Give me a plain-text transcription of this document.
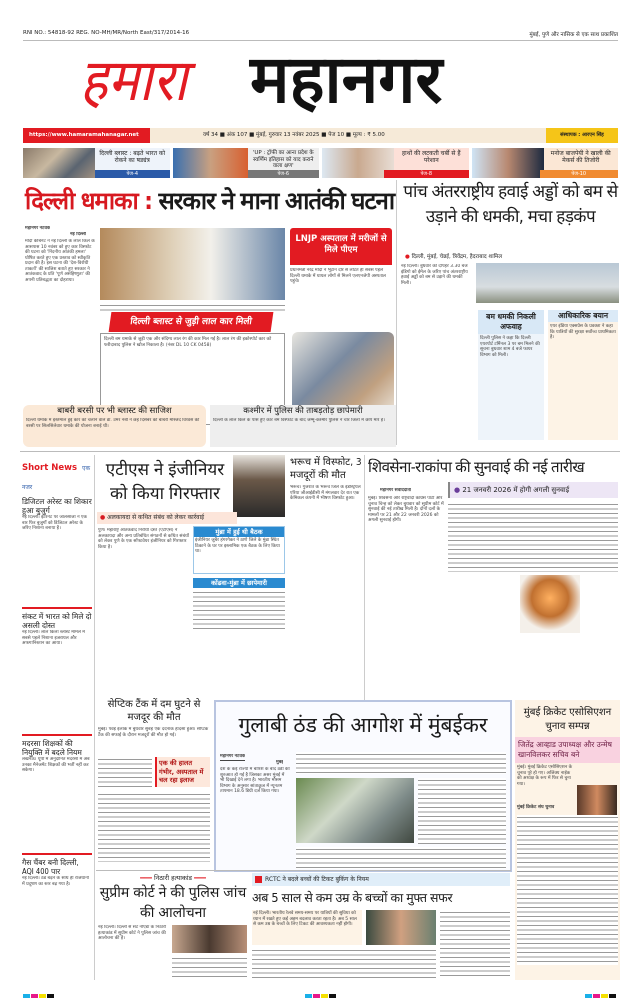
RNI NO.: 54818-92 REG. NO-MH/MR/North East/317/2014-16	मुंबई, पुणे और नासिक से एक साथ प्रकाशित
हमारा महानगर
https://www.hamaramahanagar.net	वर्ष 34 ■ अंक 107 ■ मुंबई, गुरुवार 13 नवंबर 2025 ■ पेज 10 ■ मूल्य : ₹ 5.00	संस्थापक : आरएन सिंह
दिल्ली ब्लास्ट : बढ़ते भारत को रोकने का षड्यंत्र
पेज-4
'UP : ट्रॉफी का आना प्रदेश के स्वर्णिम इतिहास को याद कराने वाला क्षण'
पेज-6
हाथों की लटकती चर्बी से हैं परेशान
पेज-8
मनोज बाजपेयी ने खाली की मेकर्स की तिजोरी
पेज-10
दिल्ली धमाका : सरकार ने माना आतंकी घटना
महानगर नेटवर्क
नई दिल्ली
मोदी कैबिनेट ने नई दिल्ली के लाल किले के आसपास 10 नवंबर को हुए कार विस्फोट की घटना को 'निंदनीय आतंकी हमला' घोषित करते हुए एक प्रस्ताव को स्वीकृति प्रदान की है। इस घटना की 'देश-विरोधी ताकतों' की साजिश बताते हुए सरकार ने आतंकवाद के प्रति 'पूर्ण असहिष्णुता' की अपनी प्रतिबद्धता का दोहराया।
LNJP अस्पताल में मरीजों से मिले पीएम
प्रधानमंत्री नरेंद्र मोदी ने भूटान दौरे से लौटते ही सबसे पहले दिल्ली धमाके में घायल लोगों से मिलने एलएनजेपी अस्पताल पहुंचे।
दिल्ली ब्लास्ट से जुड़ी लाल कार मिली
दिल्ली बम धमाके से जुड़ी एक और संदिग्ध लाल रंग की कार मिल गई है। लाल रंग की इकोस्पोर्ट कार को फरीदाबाद पुलिस ने खोज निकाला है। (नंबर DL 10 CK 0458)
पांच अंतरराष्ट्रीय हवाई अड्डों को बम से उड़ाने की धमकी, मचा हड़कंप
● दिल्ली, मुंबई, चेन्नई, त्रिवेंद्रम, हैदराबाद शामिल
नई दिल्ली। बुधवार को दोपहर 3.30 बजे इंडिगो को ईमेल के जरिए पांच अंतरराष्ट्रीय हवाई अड्डों को बम से उड़ाने की धमकी मिली।
बम धमकी निकली अफवाह
दिल्ली पुलिस ने कहा कि दिल्ली एयरपोर्ट टर्मिनल 3 पर बम मिलने की सूचना बुधवार शाम 4 बजे फायर विभाग को मिली।
आधिकारिक बयान
एयर इंडिया एक्सप्रेस के प्रवक्ता ने कहा कि यात्रियों की सुरक्षा सर्वोच्च प्राथमिकता है।
बाबरी बरसी पर भी ब्लास्ट की साजिश
दिल्ली धमाके में इस्तेमाल हुई कार को चलाने वाले डॉ. उमर नबी ने छह दिसंबर को बाबरी मस्जिद विध्वंस की बरसी पर सिलसिलेवार धमाके की योजना बनाई थी।
कश्मीर में पुलिस की ताबड़तोड़ छापेमारी
दिल्ली के लाल किले के पास हुए कार बम विस्फोट के बाद जम्मू-कश्मीर पुलिस ने चार जिलों में छापे मारे हैं।
Short News एक नजर
डिजिटल अरेस्ट का शिकार हुआ बुजुर्ग
नई दिल्ली। इंटरनेट पर जालसाजों ने एक बार फिर बुजुर्गों को डिजिटल अरेस्ट के जरिए निशाना बनाया है।
संकट में भारत को मिले दो असली दोस्त
नई दिल्ली। लाल किला ब्लास्ट मामले में सबसे पहले निशाना इजरायल और अफगानिस्तान का आया।
मदरसा शिक्षकों की नियुक्ति में बदले नियम
लखनऊ। यूपी में अनुदानित मदरसों में अब उनका मैनेजमेंट शिक्षकों की भर्ती नहीं कर सकेगा।
गैस चैंबर बनी दिल्ली, AQI 400 पार
नई दिल्ली। ठंड बढ़ने के साथ ही राजधानी में प्रदूषण का स्तर बढ़ गया है।
एटीएस ने इंजीनियर को किया गिरफ्तार
● अलकायदा से कथित संबंध को लेकर कार्रवाई
पुणे। महाराष्ट्र आतंकवाद निरोधी दस्ते (एटीएस) ने अलकायदा और अन्य प्रतिबंधित संगठनों से कथित संबंधों को लेकर पुणे के एक सॉफ्टवेयर इंजीनियर को गिरफ्तार किया है।
मुंब्रा में हुई थी बैठक
इंजीनियर जुबैर हंगरगेकर ने ठाणे जिले के मुंब्रा स्थित ठिकाने के घर पर इस्लामिक एक बैठक के लिए किया था।
कोंढवा-मुंब्रा में छापेमारी
भरूच में विस्फोट, 3 मजदूरों की मौत
भरूच। गुजरात के भरूच जिले के इंडस्ट्रियल एरिया जीआईडीसी में मंगलवार देर रात एक केमिकल कंपनी में भीषण विस्फोट हुआ।
शिवसेना-राकांपा की सुनवाई की नई तारीख
महानगर संवाददाता
मुंबई। शिवसेना और राष्ट्रवादी कांग्रेस पार्टी और चुनाव चिन्ह को लेकर बुधवार को सुप्रीम कोर्ट में सुनवाई की नई तारीख मिली है। दोनों दलों के मामलों पर 21 और 22 जनवरी 2026 को अगली सुनवाई होगी।
● 21 जनवरी 2026 में होगी अगली सुनवाई
सेप्टिक टैंक में दम घुटने से मजदूर की मौत
मुंबई। पवई इलाके में बुधवार सुबह एक दर्दनाक हादसा हुआ। सेप्टिक टैंक की सफाई के दौरान मजदूरों की मौत हो गई।
एक की हालत गंभीर, अस्पताल में चल रहा इलाज
गुलाबी ठंड की आगोश में मुंबईकर
महानगर नेटवर्क
मुंबई
देश के कई राज्यों में बारिश के बाद ठंडी की शुरुआत हो गई है जिसका असर मुंबई में भी दिखाई देने लगा है। भारतीय मौसम विभाग के अनुसार सांताक्रूज में न्यूनतम तापमान 18.6 डिग्री दर्ज किया गया।
मुंबई क्रिकेट एसोसिएशन चुनाव सम्पन्न
जितेंद्र आव्हाड उपाध्यक्ष और उन्मेष खानविलकर सचिव बने
मुंबई। मुंबई क्रिकेट एसोसिएशन के चुनाव पूरे हो गए। अजिंक्य नाईक को अध्यक्ष के रूप में फिर से चुना गया।
मुंबई क्रिकेट संघ चुनाव
━━━ निठारी हत्याकांड ━━━
सुप्रीम कोर्ट ने की पुलिस जांच की आलोचना
नई दिल्ली। दिल्ली से सटे नोएडा के निठारी हत्याकांड में सुप्रीम कोर्ट ने पुलिस जांच की आलोचना की है।
RCTC ने बदले बच्चों की टिकट बुकिंग के नियम
अब 5 साल से कम उम्र के बच्चों का मुफ्त सफर
नई दिल्ली। भारतीय रेलवे समय-समय पर यात्रियों की सुविधा को ध्यान में रखते हुए कई अहम बदलाव करता रहता है। अब 5 साल से कम उम्र के बच्चों के लिए टिकट की आवश्यकता नहीं होगी।
